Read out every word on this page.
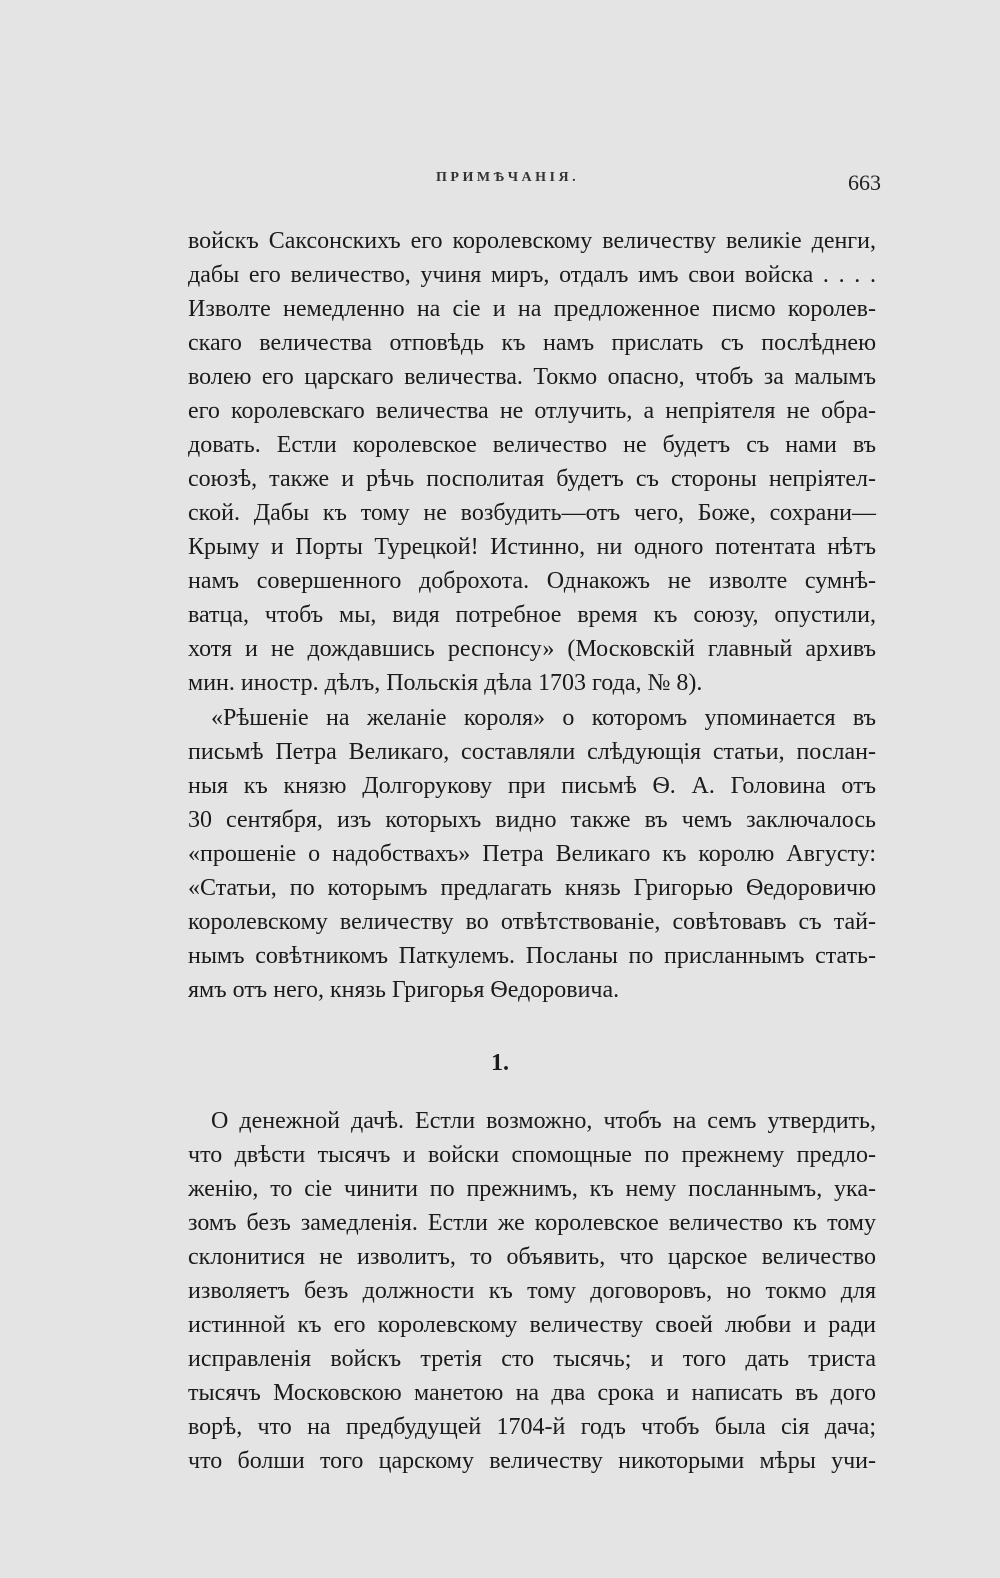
ПРИМѢЧАНІЯ.	663
войскъ Саксонскихъ его королевскому величеству великіе денги,
дабы его величество, учиня миръ, отдалъ имъ свои войска . . . .
Изволте немедленно на сіе и на предложенное писмо королев-
скаго величества отповѣдь къ намъ прислать съ послѣднею
волею его царскаго величества. Токмо опасно, чтобъ за малымъ
его королевскаго величества не отлучить, а непріятеля не обра-
довать. Естли королевское величество не будетъ съ нами въ
союзѣ, также и рѣчь посполитая будетъ съ стороны непріятел-
ской. Дабы къ тому не возбудить—отъ чего, Боже, сохрани—
Крыму и Порты Турецкой! Истинно, ни одного потентата нѣтъ
намъ совершенного доброхота. Однакожъ не изволте сумнѣ-
ватца, чтобъ мы, видя потребное время къ союзу, опустили,
хотя и не дождавшись респонсу» (Московскій главный архивъ
мин. иностр. дѣлъ, Польскія дѣла 1703 года, № 8).
«Рѣшеніе на желаніе короля» о которомъ упоминается въ
письмѣ Петра Великаго, составляли слѣдующія статьи, послан-
ныя къ князю Долгорукову при письмѣ Ѳ. А. Головина отъ
30 сентября, изъ которыхъ видно также въ чемъ заключалось
«прошеніе о надобствахъ» Петра Великаго къ королю Августу:
«Статьи, по которымъ предлагать князь Григорью Ѳедоровичю
королевскому величеству во отвѣтствованіе, совѣтовавъ съ тай-
нымъ совѣтникомъ Паткулемъ. Посланы по присланнымъ стать-
ямъ отъ него, князь Григорья Ѳедоровича.
1.
О денежной дачѣ. Естли возможно, чтобъ на семъ утвердить,
что двѣсти тысячъ и войски спомощные по прежнему предло-
женію, то сіе чинити по прежнимъ, къ нему посланнымъ, ука-
зомъ безъ замедленія. Естли же королевское величество къ тому
склонитися не изволитъ, то объявить, что царское величество
изволяетъ безъ должности къ тому договоровъ, но токмо для
истинной къ его королевскому величеству своей любви и ради
исправленія войскъ третія сто тысячь; и того дать триста
тысячъ Московскою манетою на два срока и написать въ дого
ворѣ, что на предбудущей 1704-й годъ чтобъ была сія дача;
что болши того царскому величеству никоторыми мѣры учи-
